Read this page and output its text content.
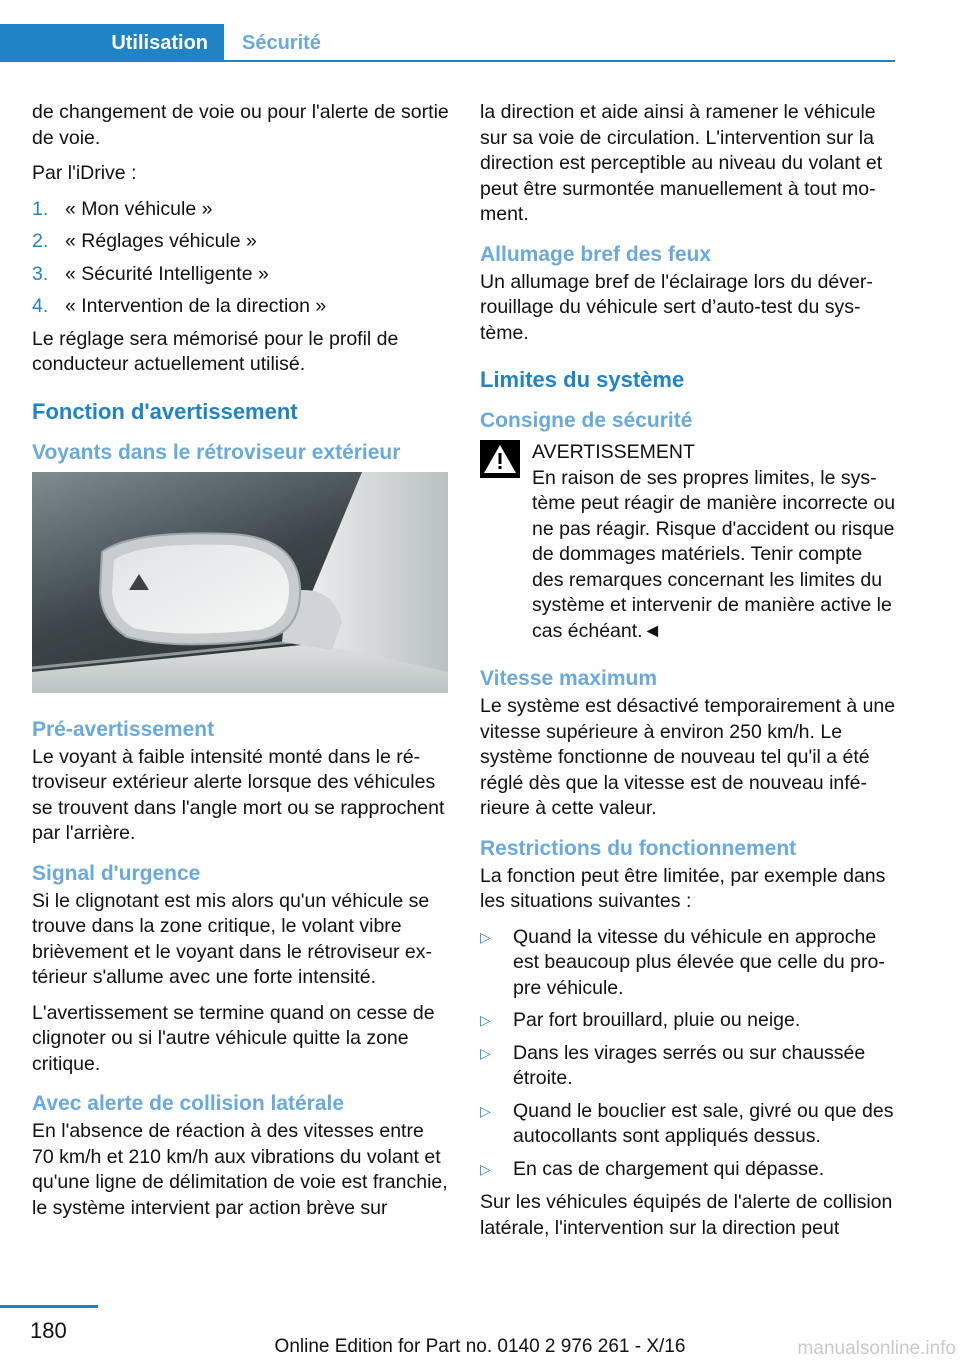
Utilisation Sécurité

de changement de voie ou pour l'alerte de sortie de voie.

Par l'iDrive :

1. « Mon véhicule »
2. « Réglages véhicule »
3. « Sécurité Intelligente »
4. « Intervention de la direction »

Le réglage sera mémorisé pour le profil de conducteur actuellement utilisé.

Fonction d'avertissement
Voyants dans le rétroviseur extérieur
Pré-avertissement

Le voyant à faible intensité monté dans le rétroviseur extérieur alerte lorsque des véhicules se trouvent dans l'angle mort ou se rapprochent par l'arrière.

Signal d'urgence

Si le clignotant est mis alors qu'un véhicule se trouve dans la zone critique, le volant vibre brièvement et le voyant dans le rétroviseur extérieur s'allume avec une forte intensité.

L'avertissement se termine quand on cesse de clignoter ou si l'autre véhicule quitte la zone critique.

Avec alerte de collision latérale

En l'absence de réaction à des vitesses entre 70 km/h et 210 km/h aux vibrations du volant et qu'une ligne de délimitation de voie est franchie, le système intervient par action brève sur

la direction et aide ainsi à ramener le véhicule sur sa voie de circulation. L'intervention sur la direction est perceptible au niveau du volant et peut être surmontée manuellement à tout moment.

Allumage bref des feux

Un allumage bref de l'éclairage lors du déverrouillage du véhicule sert d’auto-test du système.

Limites du système
Consigne de sécurité
AVERTISSEMENT
En raison de ses propres limites, le système peut réagir de manière incorrecte ou ne pas réagir. Risque d'accident ou risque de dommages matériels. Tenir compte des remarques concernant les limites du système et intervenir de manière active le cas échéant.◄
Vitesse maximum

Le système est désactivé temporairement à une vitesse supérieure à environ 250 km/h. Le système fonctionne de nouveau tel qu'il a été réglé dès que la vitesse est de nouveau inférieure à cette valeur.

Restrictions du fonctionnement

La fonction peut être limitée, par exemple dans les situations suivantes :

▷	Quand la vitesse du véhicule en approche est beaucoup plus élevée que celle du propre véhicule.
▷	Par fort brouillard, pluie ou neige.
▷	Dans les virages serrés ou sur chaussée étroite.
▷	Quand le bouclier est sale, givré ou que des autocollants sont appliqués dessus.
▷	En cas de chargement qui dépasse.

Sur les véhicules équipés de l'alerte de collision latérale, l'intervention sur la direction peut

180
Online Edition for Part no. 0140 2 976 261 - X/16	manualsonline.info
